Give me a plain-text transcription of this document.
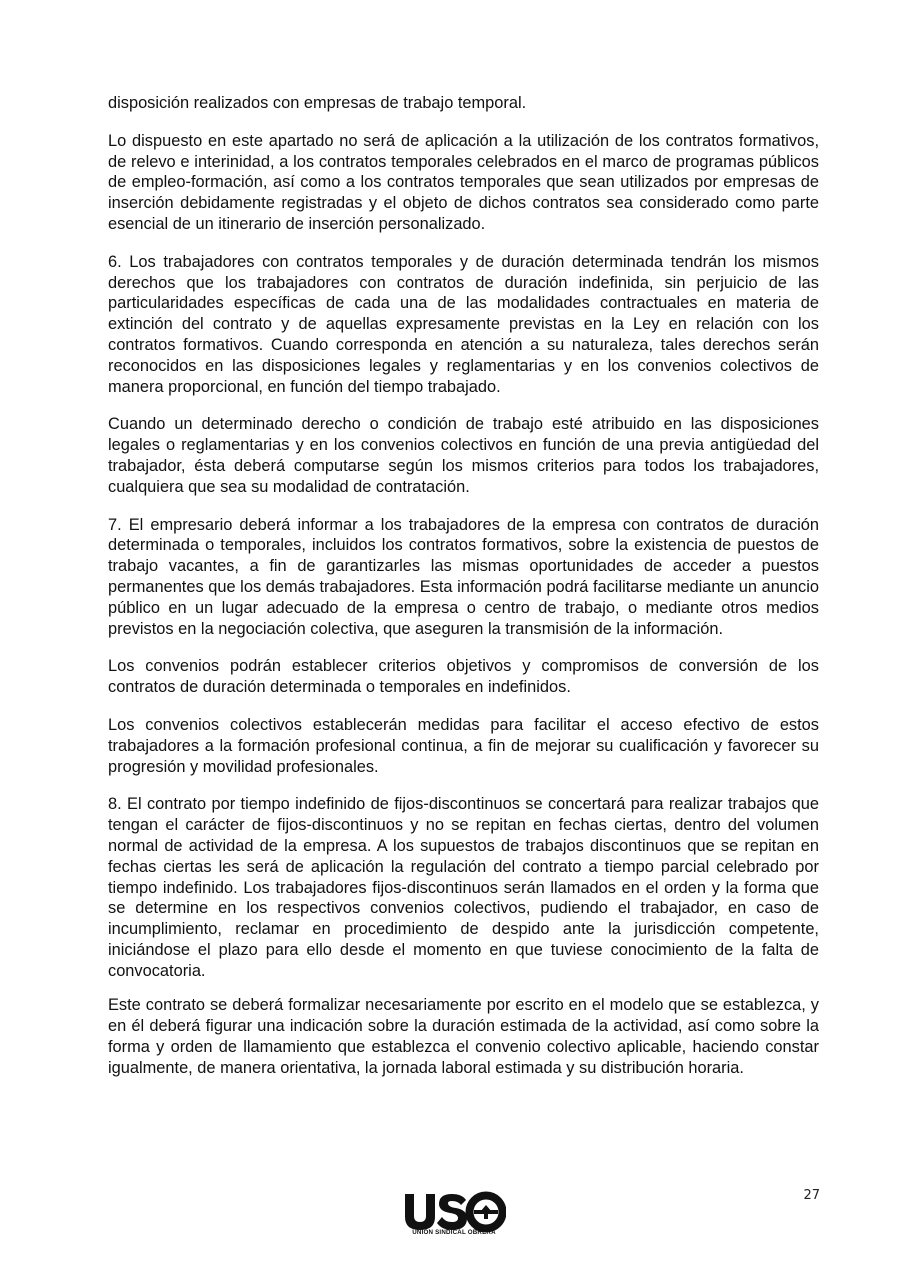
disposición realizados con empresas de trabajo temporal.

Lo dispuesto en este apartado no será de aplicación a la utilización de los contratos formativos, de relevo e interinidad, a los contratos temporales celebrados en el marco de programas públicos de empleo-formación, así como a los contratos temporales que sean utilizados por empresas de inserción debidamente registradas y el objeto de dichos contratos sea considerado como parte esencial de un itinerario de inserción personalizado.

6. Los trabajadores con contratos temporales y de duración determinada tendrán los mismos derechos que los trabajadores con contratos de duración indefinida, sin perjuicio de las particularidades específicas de cada una de las modalidades contractuales en materia de extinción del contrato y de aquellas expresamente previstas en la Ley en relación con los contratos formativos. Cuando corresponda en atención a su naturaleza, tales derechos serán reconocidos en las disposiciones legales y reglamentarias y en los convenios colectivos de manera proporcional, en función del tiempo trabajado.

Cuando un determinado derecho o condición de trabajo esté atribuido en las disposiciones legales o reglamentarias y en los convenios colectivos en función de una previa antigüedad del trabajador, ésta deberá computarse según los mismos criterios para todos los trabajadores, cualquiera que sea su modalidad de contratación.

7. El empresario deberá informar a los trabajadores de la empresa con contratos de duración determinada o temporales, incluidos los contratos formativos, sobre la existencia de puestos de trabajo vacantes, a fin de garantizarles las mismas oportunidades de acceder a puestos permanentes que los demás trabajadores. Esta información podrá facilitarse mediante un anuncio público en un lugar adecuado de la empresa o centro de trabajo, o mediante otros medios previstos en la negociación colectiva, que aseguren la transmisión de la información.

Los convenios podrán establecer criterios objetivos y compromisos de conversión de los contratos de duración determinada o temporales en indefinidos.

Los convenios colectivos establecerán medidas para facilitar el acceso efectivo de estos trabajadores a la formación profesional continua, a fin de mejorar su cualificación y favorecer su progresión y movilidad profesionales.

8. El contrato por tiempo indefinido de fijos-discontinuos se concertará para realizar trabajos que tengan el carácter de fijos-discontinuos y no se repitan en fechas ciertas, dentro del volumen normal de actividad de la empresa. A los supuestos de trabajos discontinuos que se repitan en fechas ciertas les será de aplicación la regulación del contrato a tiempo parcial celebrado por tiempo indefinido. Los trabajadores fijos-discontinuos serán llamados en el orden y la forma que se determine en los respectivos convenios colectivos, pudiendo el trabajador, en caso de incumplimiento, reclamar en procedimiento de despido ante la jurisdicción competente, iniciándose el plazo para ello desde el momento en que tuviese conocimiento de la falta de convocatoria.

Este contrato se deberá formalizar necesariamente por escrito en el modelo que se establezca, y en él deberá figurar una indicación sobre la duración estimada de la actividad, así como sobre la forma y orden de llamamiento que establezca el convenio colectivo aplicable, haciendo constar igualmente, de manera orientativa, la jornada laboral estimada y su distribución horaria.

27
UNIÓN SINDICAL OBRERA
